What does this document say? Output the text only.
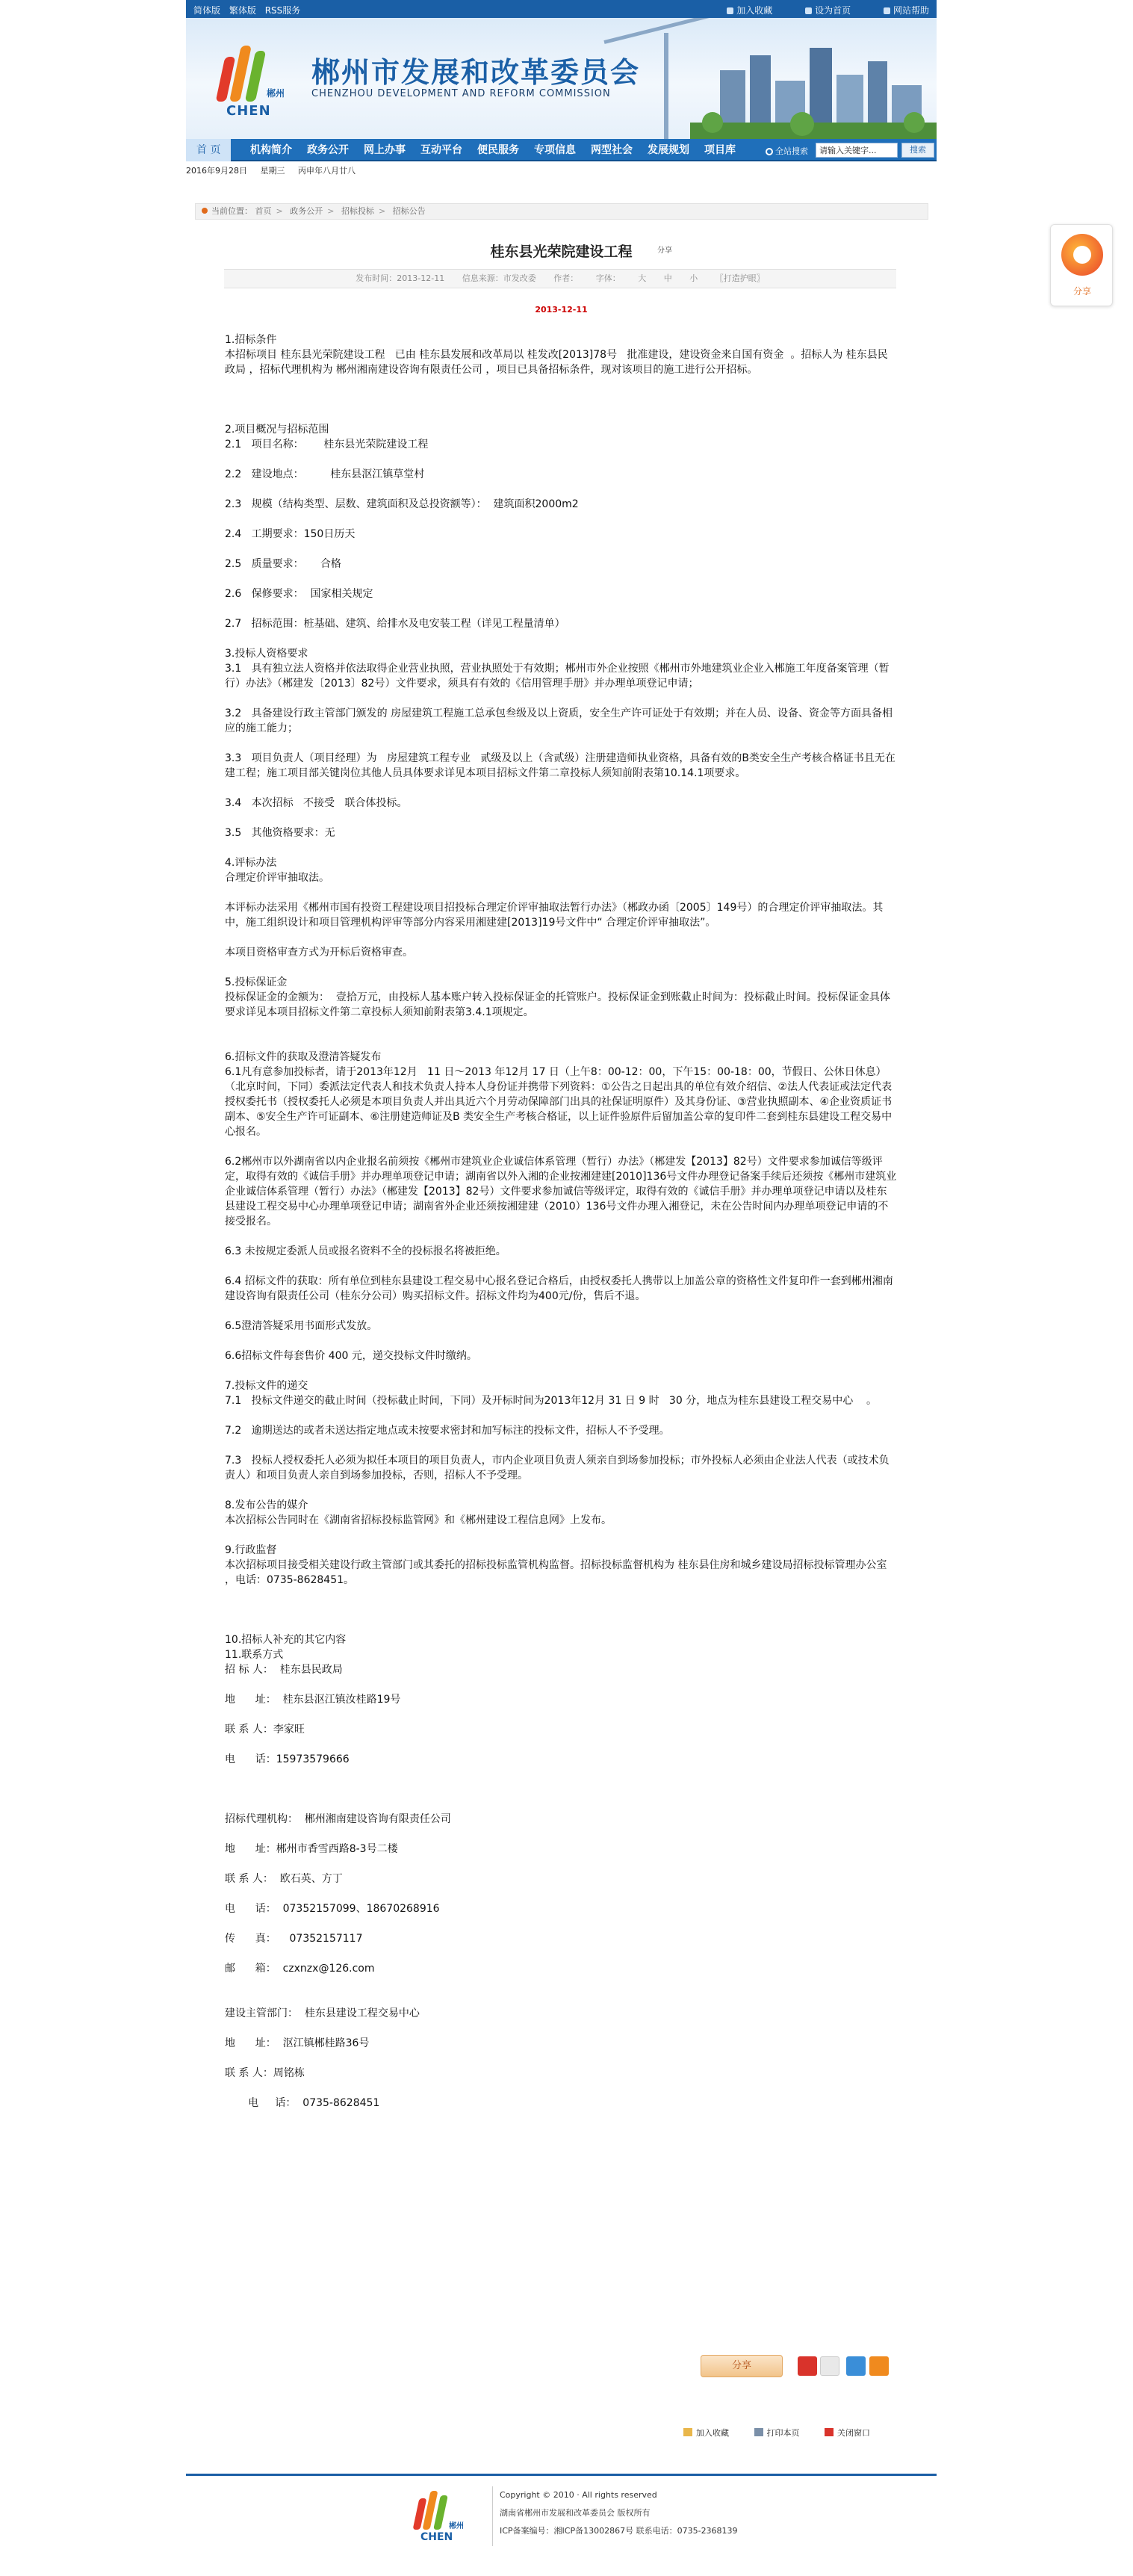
简体版 繁体版 RSS服务	加入收藏	设为首页	网站帮助
郴州
CHEN
郴州市发展和改革委员会
CHENZHOU DEVELOPMENT AND REFORM COMMISSION
首 页	机构简介 政务公开 网上办事 互动平台 便民服务 专项信息 两型社会 发展规划 项目库	全站搜索
请输入关键字...	搜索
2016年9月28日 星期三 丙申年八月廿八
当前位置： 首页 > 政务公开 > 招标投标 > 招标公告
桂东县光荣院建设工程	分享
发布时间：2013-12-11 信息来源：市发改委 作者： 字体： 大 中 小 〖打造护眼〗
2013-12-11

1.招标条件
本招标项目 桂东县光荣院建设工程   已由 桂东县发展和改革局以 桂发改[2013]78号   批准建设，建设资金来自国有资金  。招标人为 桂东县民政局 ，招标代理机构为 郴州湘南建设咨询有限责任公司 ，项目已具备招标条件，现对该项目的施工进行公开招标。

2.项目概况与招标范围
2.1   项目名称：      桂东县光荣院建设工程

2.2   建设地点：        桂东县沤江镇草堂村

2.3   规模（结构类型、层数、建筑面积及总投资额等）：  建筑面积2000m2

2.4   工期要求：150日历天

2.5   质量要求：     合格

2.6   保修要求：  国家相关规定

2.7   招标范围：桩基础、建筑、给排水及电安装工程（详见工程量清单）

3.投标人资格要求
3.1   具有独立法人资格并依法取得企业营业执照，营业执照处于有效期；郴州市外企业按照《郴州市外地建筑业企业入郴施工年度备案管理（暂行）办法》（郴建发〔2013〕82号）文件要求，须具有有效的《信用管理手册》并办理单项登记申请；

3.2   具备建设行政主管部门颁发的 房屋建筑工程施工总承包叁级及以上资质，安全生产许可证处于有效期；并在人员、设备、资金等方面具备相应的施工能力；

3.3   项目负责人（项目经理）为   房屋建筑工程专业   贰级及以上（含贰级）注册建造师执业资格，具备有效的B类安全生产考核合格证书且无在建工程；施工项目部关键岗位其他人员具体要求详见本项目招标文件第二章投标人须知前附表第10.14.1项要求。

3.4   本次招标   不接受   联合体投标。

3.5   其他资格要求：无

4.评标办法
合理定价评审抽取法。

本评标办法采用《郴州市国有投资工程建设项目招投标合理定价评审抽取法暂行办法》（郴政办函〔2005〕149号）的合理定价评审抽取法。其中，施工组织设计和项目管理机构评审等部分内容采用湘建建[2013]19号文件中“ 合理定价评审抽取法”。

本项目资格审查方式为开标后资格审查。

5.投标保证金
投标保证金的金额为：  壹拾万元，由投标人基本账户转入投标保证金的托管账户。投标保证金到账截止时间为：投标截止时间。投标保证金具体要求详见本项目招标文件第二章投标人须知前附表第3.4.1项规定。

6.招标文件的获取及澄清答疑发布
6.1凡有意参加投标者，请于2013年12月   11 日～2013 年12月 17 日（上午8：00-12：00，下午15：00-18：00，节假日、公休日休息）（北京时间，下同）委派法定代表人和技术负责人持本人身份证并携带下列资料：①公告之日起出具的单位有效介绍信、②法人代表证或法定代表授权委托书（授权委托人必须是本项目负责人并出具近六个月劳动保障部门出具的社保证明原件）及其身份证、③营业执照副本、④企业资质证书副本、⑤安全生产许可证副本、⑥注册建造师证及B 类安全生产考核合格证，以上证件验原件后留加盖公章的复印件二套到桂东县建设工程交易中心报名。

6.2郴州市以外湖南省以内企业报名前须按《郴州市建筑业企业诚信体系管理（暂行）办法》（郴建发【2013】82号）文件要求参加诚信等级评定，取得有效的《诚信手册》并办理单项登记申请；湖南省以外入湘的企业按湘建建[2010]136号文件办理登记备案手续后还须按《郴州市建筑业企业诚信体系管理（暂行）办法》（郴建发【2013】82号）文件要求参加诚信等级评定，取得有效的《诚信手册》并办理单项登记申请以及桂东县建设工程交易中心办理单项登记申请；湖南省外企业还须按湘建建（2010）136号文件办理入湘登记，未在公告时间内办理单项登记申请的不接受报名。

6.3 未按规定委派人员或报名资料不全的投标报名将被拒绝。

6.4 招标文件的获取：所有单位到桂东县建设工程交易中心报名登记合格后，由授权委托人携带以上加盖公章的资格性文件复印件一套到郴州湘南建设咨询有限责任公司（桂东分公司）购买招标文件。招标文件均为400元/份，售后不退。

6.5澄清答疑采用书面形式发放。

6.6招标文件每套售价 400 元，递交投标文件时缴纳。

7.投标文件的递交
7.1   投标文件递交的截止时间（投标截止时间，下同）及开标时间为2013年12月 31 日 9 时   30 分，地点为桂东县建设工程交易中心    。

7.2   逾期送达的或者未送达指定地点或未按要求密封和加写标注的投标文件，招标人不予受理。

7.3   投标人授权委托人必须为拟任本项目的项目负责人，市内企业项目负责人须亲自到场参加投标；市外投标人必须由企业法人代表（或技术负责人）和项目负责人亲自到场参加投标，否则，招标人不予受理。

8.发布公告的媒介
本次招标公告同时在《湖南省招标投标监管网》和《郴州建设工程信息网》上发布。

9.行政监督
本次招标项目接受相关建设行政主管部门或其委托的招标投标监管机构监督。招标投标监督机构为 桂东县住房和城乡建设局招标投标管理办公室 ，电话：0735-8628451。

10.招标人补充的其它内容
11.联系方式
招 标 人：  桂东县民政局

地      址：  桂东县沤江镇汝桂路19号

联 系 人：李家旺

电      话：15973579666

招标代理机构：  郴州湘南建设咨询有限责任公司

地      址：郴州市香雪西路8-3号二楼

联 系 人：  欧石英、方丁

电      话：  07352157099、18670268916

传      真：    07352157117

邮      箱：  czxnzx@126.com

建设主管部门：  桂东县建设工程交易中心

地      址：  沤江镇郴桂路36号

联 系 人：周铭栋

电     话：  0735-8628451

分享
分享
加入收藏	打印本页	关闭窗口
郴州
CHEN
Copyright © 2010 · All rights reserved
湖南省郴州市发展和改革委员会 版权所有
ICP备案编号：湘ICP备13002867号 联系电话：0735-2368139
